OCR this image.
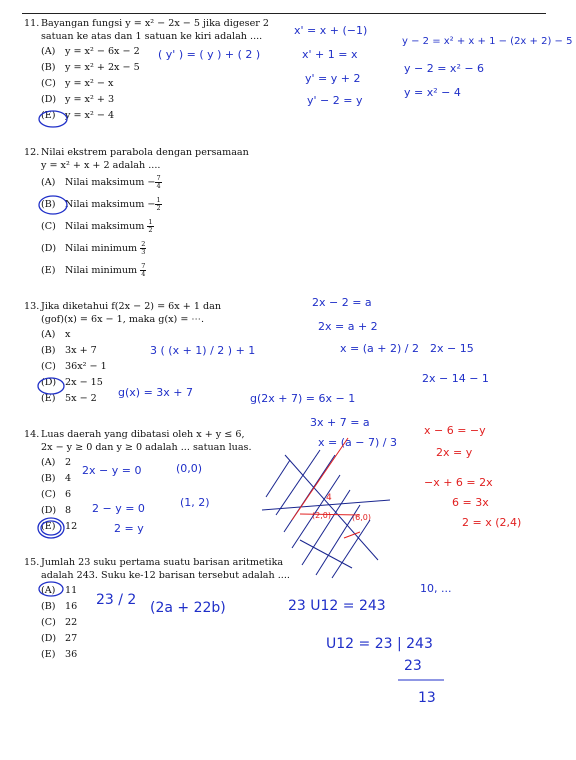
11. Bayangan fungsi y = x² − 2x − 5 jika digeser 2
satuan ke atas dan 1 satuan ke kiri adalah ....
(A) y = x² − 6x − 2
(B) y = x² + 2x − 5
(C) y = x² − x
(D) y = x² + 3
(E) y = x² − 4
12. Nilai ekstrem parabola dengan persamaan
y = x² + x + 2 adalah ....
(A) Nilai maksimum − $\frac{7}{4}$
(B) Nilai maksimum − $\frac{1}{2}$
(C) Nilai maksimum $\frac{1}{2}$
(D) Nilai minimum $\frac{2}{3}$
(E) Nilai minimum $\frac{7}{4}$
13. Jika diketahui f(2x − 2) = 6x + 1 dan
(gof)(x) = 6x − 1, maka g(x) = ⋯.
(A) x
(B) 3x + 7
(C) 36x² − 1
(D) 2x − 15
(E) 5x − 2
14. Luas daerah yang dibatasi oleh x + y ≤ 6,
2x − y ≥ 0 dan y ≥ 0 adalah ... satuan luas.
(A) 2
(B) 4
(C) 6
(D) 8
(E) 12
15. Jumlah 23 suku pertama suatu barisan aritmetika
adalah 243. Suku ke-12 barisan tersebut adalah ....
(A) 11
(B) 16
(C) 22
(D) 27
(E) 36
x' = x + (−1)
x' + 1 = x
y' = y + 2
y' − 2 = y
( y' ) = ( y ) + ( 2 )
y − 2 = x² + x + 1 − (2x + 2) − 5
y − 2 = x² − 6
y = x² − 4
2x − 2 = a
2x = a + 2
x = (a + 2) / 2 2x − 15
2x − 14 − 1
3 ( (x + 1) / 2 ) + 1
g(x) = 3x + 7	g(2x + 7) = 6x − 1
3x + 7 = a
x = (a − 7) / 3
2x − y = 0	(0,0)
2 − y = 0	(1, 2)
2 = y
x − 6 = −y
2x = y
−x + 6 = 2x
6 = 3x
2 = x (2,4)
(6,0)
(2,0)
4
23 / 2 (2a + 22b)	23 U12 = 243
10, ...
U12 = 23 | 243
23
13
